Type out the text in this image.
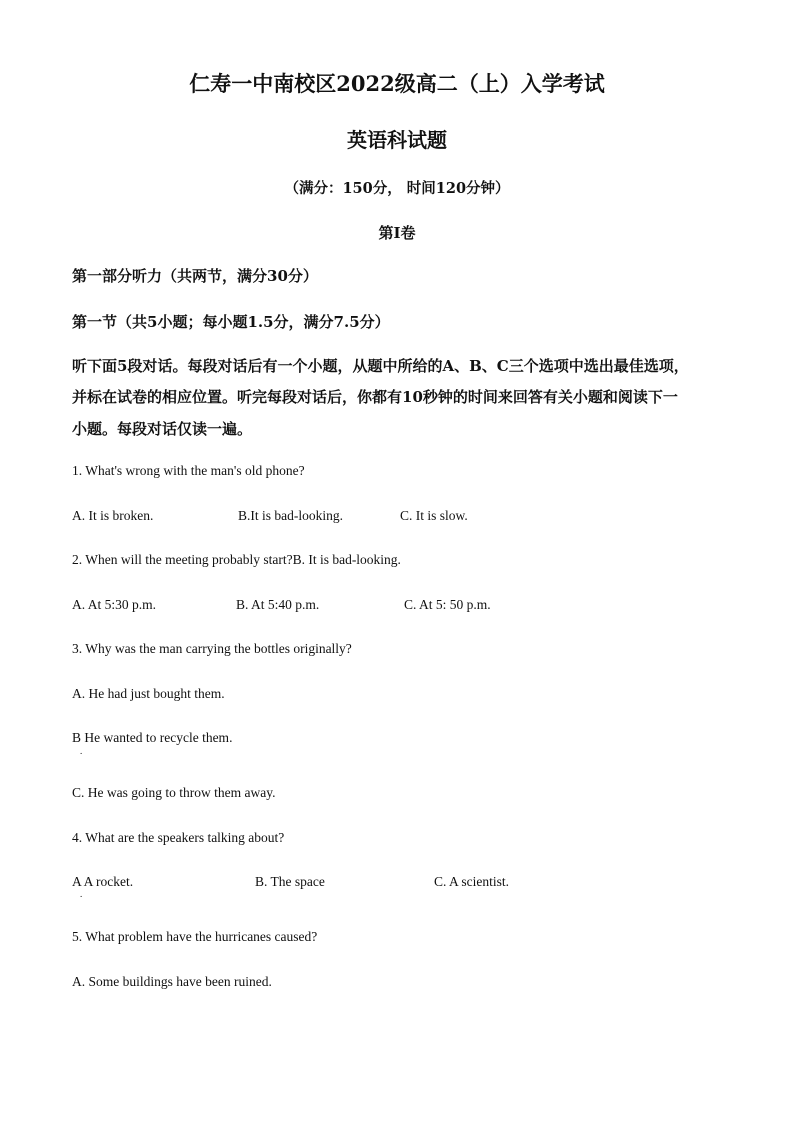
仁寿一中南校区2022级高二（上）入学考试
英语科试题
（满分：150分， 时间120分钟）
第I卷
第一部分听力（共两节，满分30分）
第一节（共5小题；每小题1.5分，满分7.5分）
听下面5段对话。每段对话后有一个小题，从题中所给的A、B、C三个选项中选出最佳选项，
并标在试卷的相应位置。听完每段对话后，你都有10秒钟的时间来回答有关小题和阅读下一
小题。每段对话仅读一遍。
1. What's wrong with the man's old phone?
A. It is broken.	B.It is bad-looking.	C. It is slow.
2. When will the meeting probably start?B. It is bad-looking.
A. At 5:30 p.m.	B. At 5:40 p.m.	C. At 5: 50 p.m.
3. Why was the man carrying the bottles originally?
A. He had just bought them.
B He wanted to recycle them.
.
C. He was going to throw them away.
4. What are the speakers talking about?
A A rocket.
.
B. The space	C. A scientist.
5. What problem have the hurricanes caused?
A. Some buildings have been ruined.
